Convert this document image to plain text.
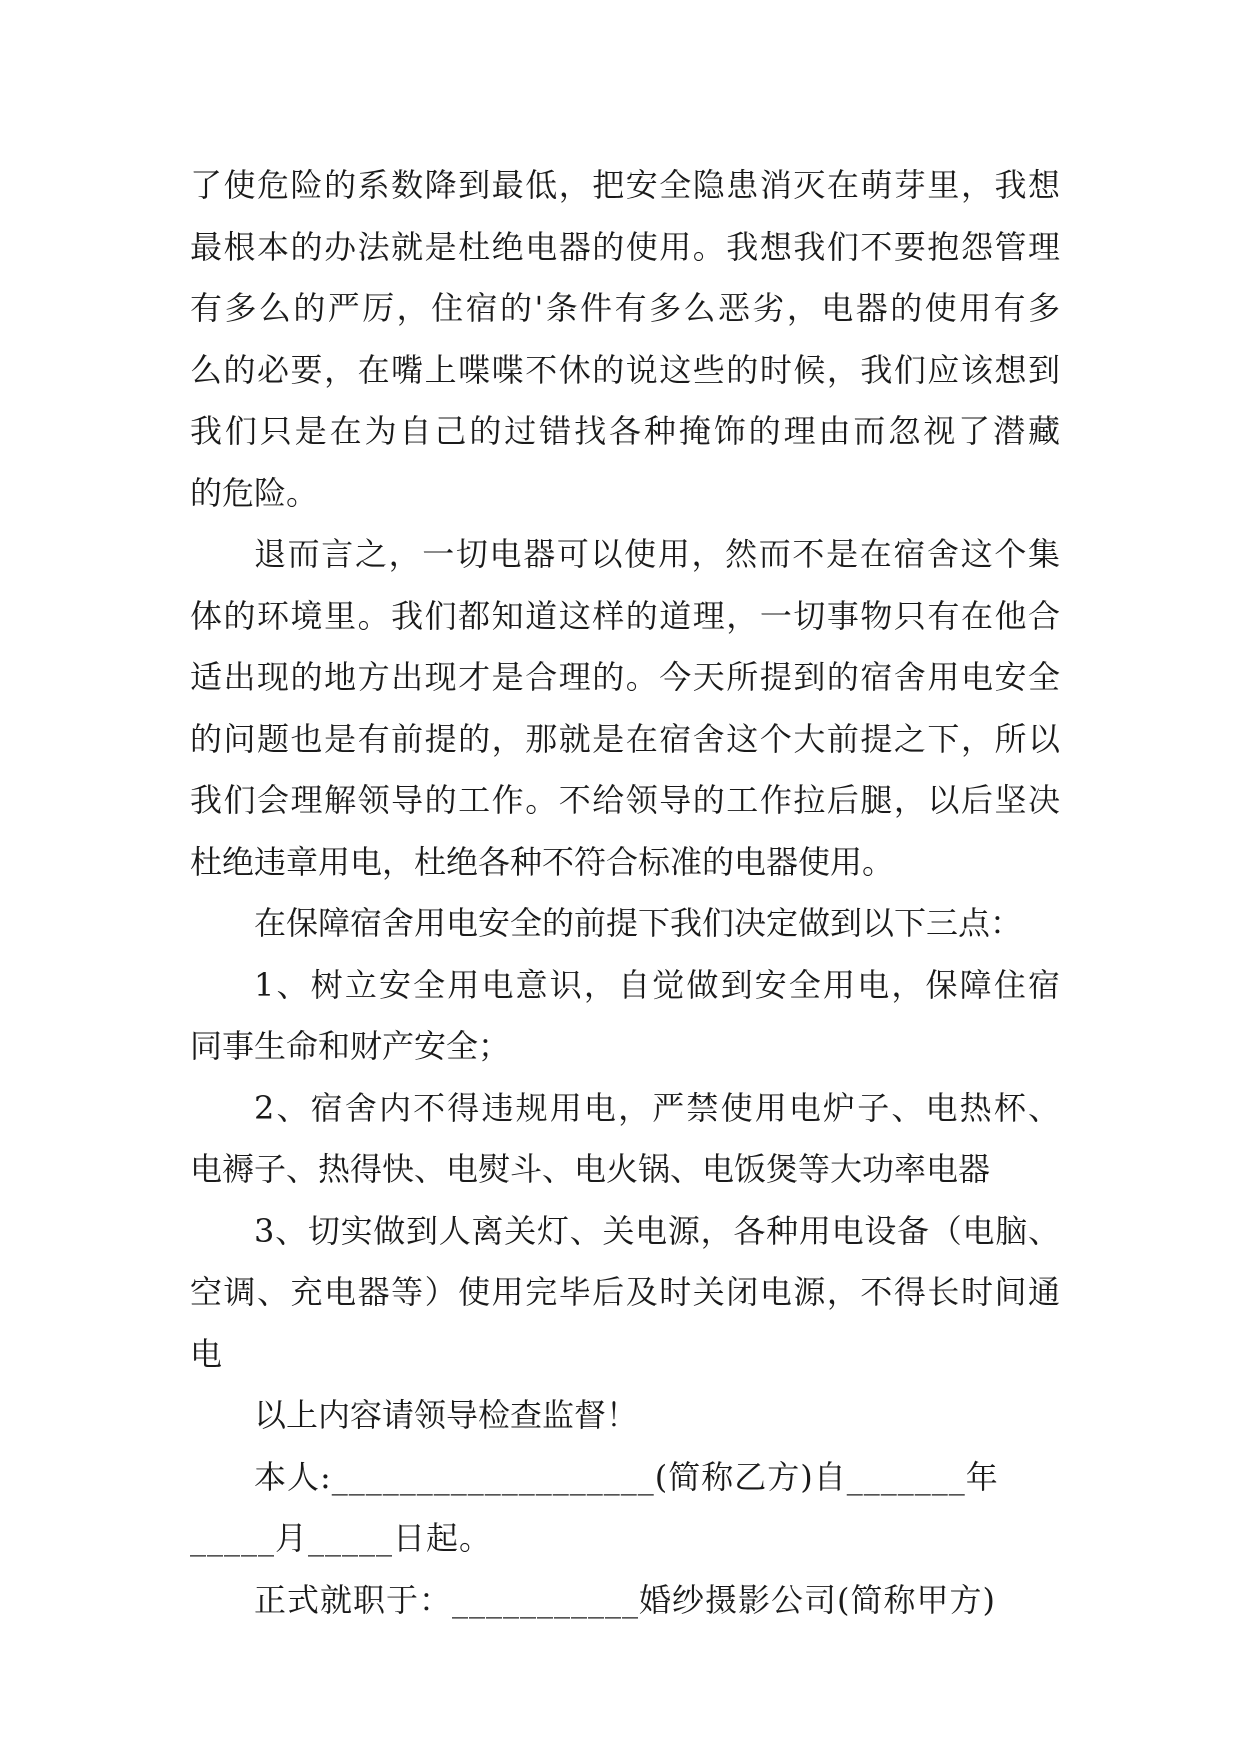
了使危险的系数降到最低，把安全隐患消灭在萌芽里，我想
最根本的办法就是杜绝电器的使用。我想我们不要抱怨管理
有多么的严厉，住宿的'条件有多么恶劣，电器的使用有多
么的必要，在嘴上喋喋不休的说这些的时候，我们应该想到
我们只是在为自己的过错找各种掩饰的理由而忽视了潜藏
的危险。
退而言之，一切电器可以使用，然而不是在宿舍这个集
体的环境里。我们都知道这样的道理，一切事物只有在他合
适出现的地方出现才是合理的。今天所提到的宿舍用电安全
的问题也是有前提的，那就是在宿舍这个大前提之下，所以
我们会理解领导的工作。不给领导的工作拉后腿，以后坚决
杜绝违章用电，杜绝各种不符合标准的电器使用。
在保障宿舍用电安全的前提下我们决定做到以下三点：
1、树立安全用电意识，自觉做到安全用电，保障住宿
同事生命和财产安全；
2、宿舍内不得违规用电，严禁使用电炉子、电热杯、
电褥子、热得快、电熨斗、电火锅、电饭煲等大功率电器
3、切实做到人离关灯、关电源，各种用电设备（电脑、
空调、充电器等）使用完毕后及时关闭电源，不得长时间通
电
以上内容请领导检查监督！
本人:___________________(简称乙方)自_______年
_____月_____日起。
正式就职于：___________婚纱摄影公司(简称甲方)
